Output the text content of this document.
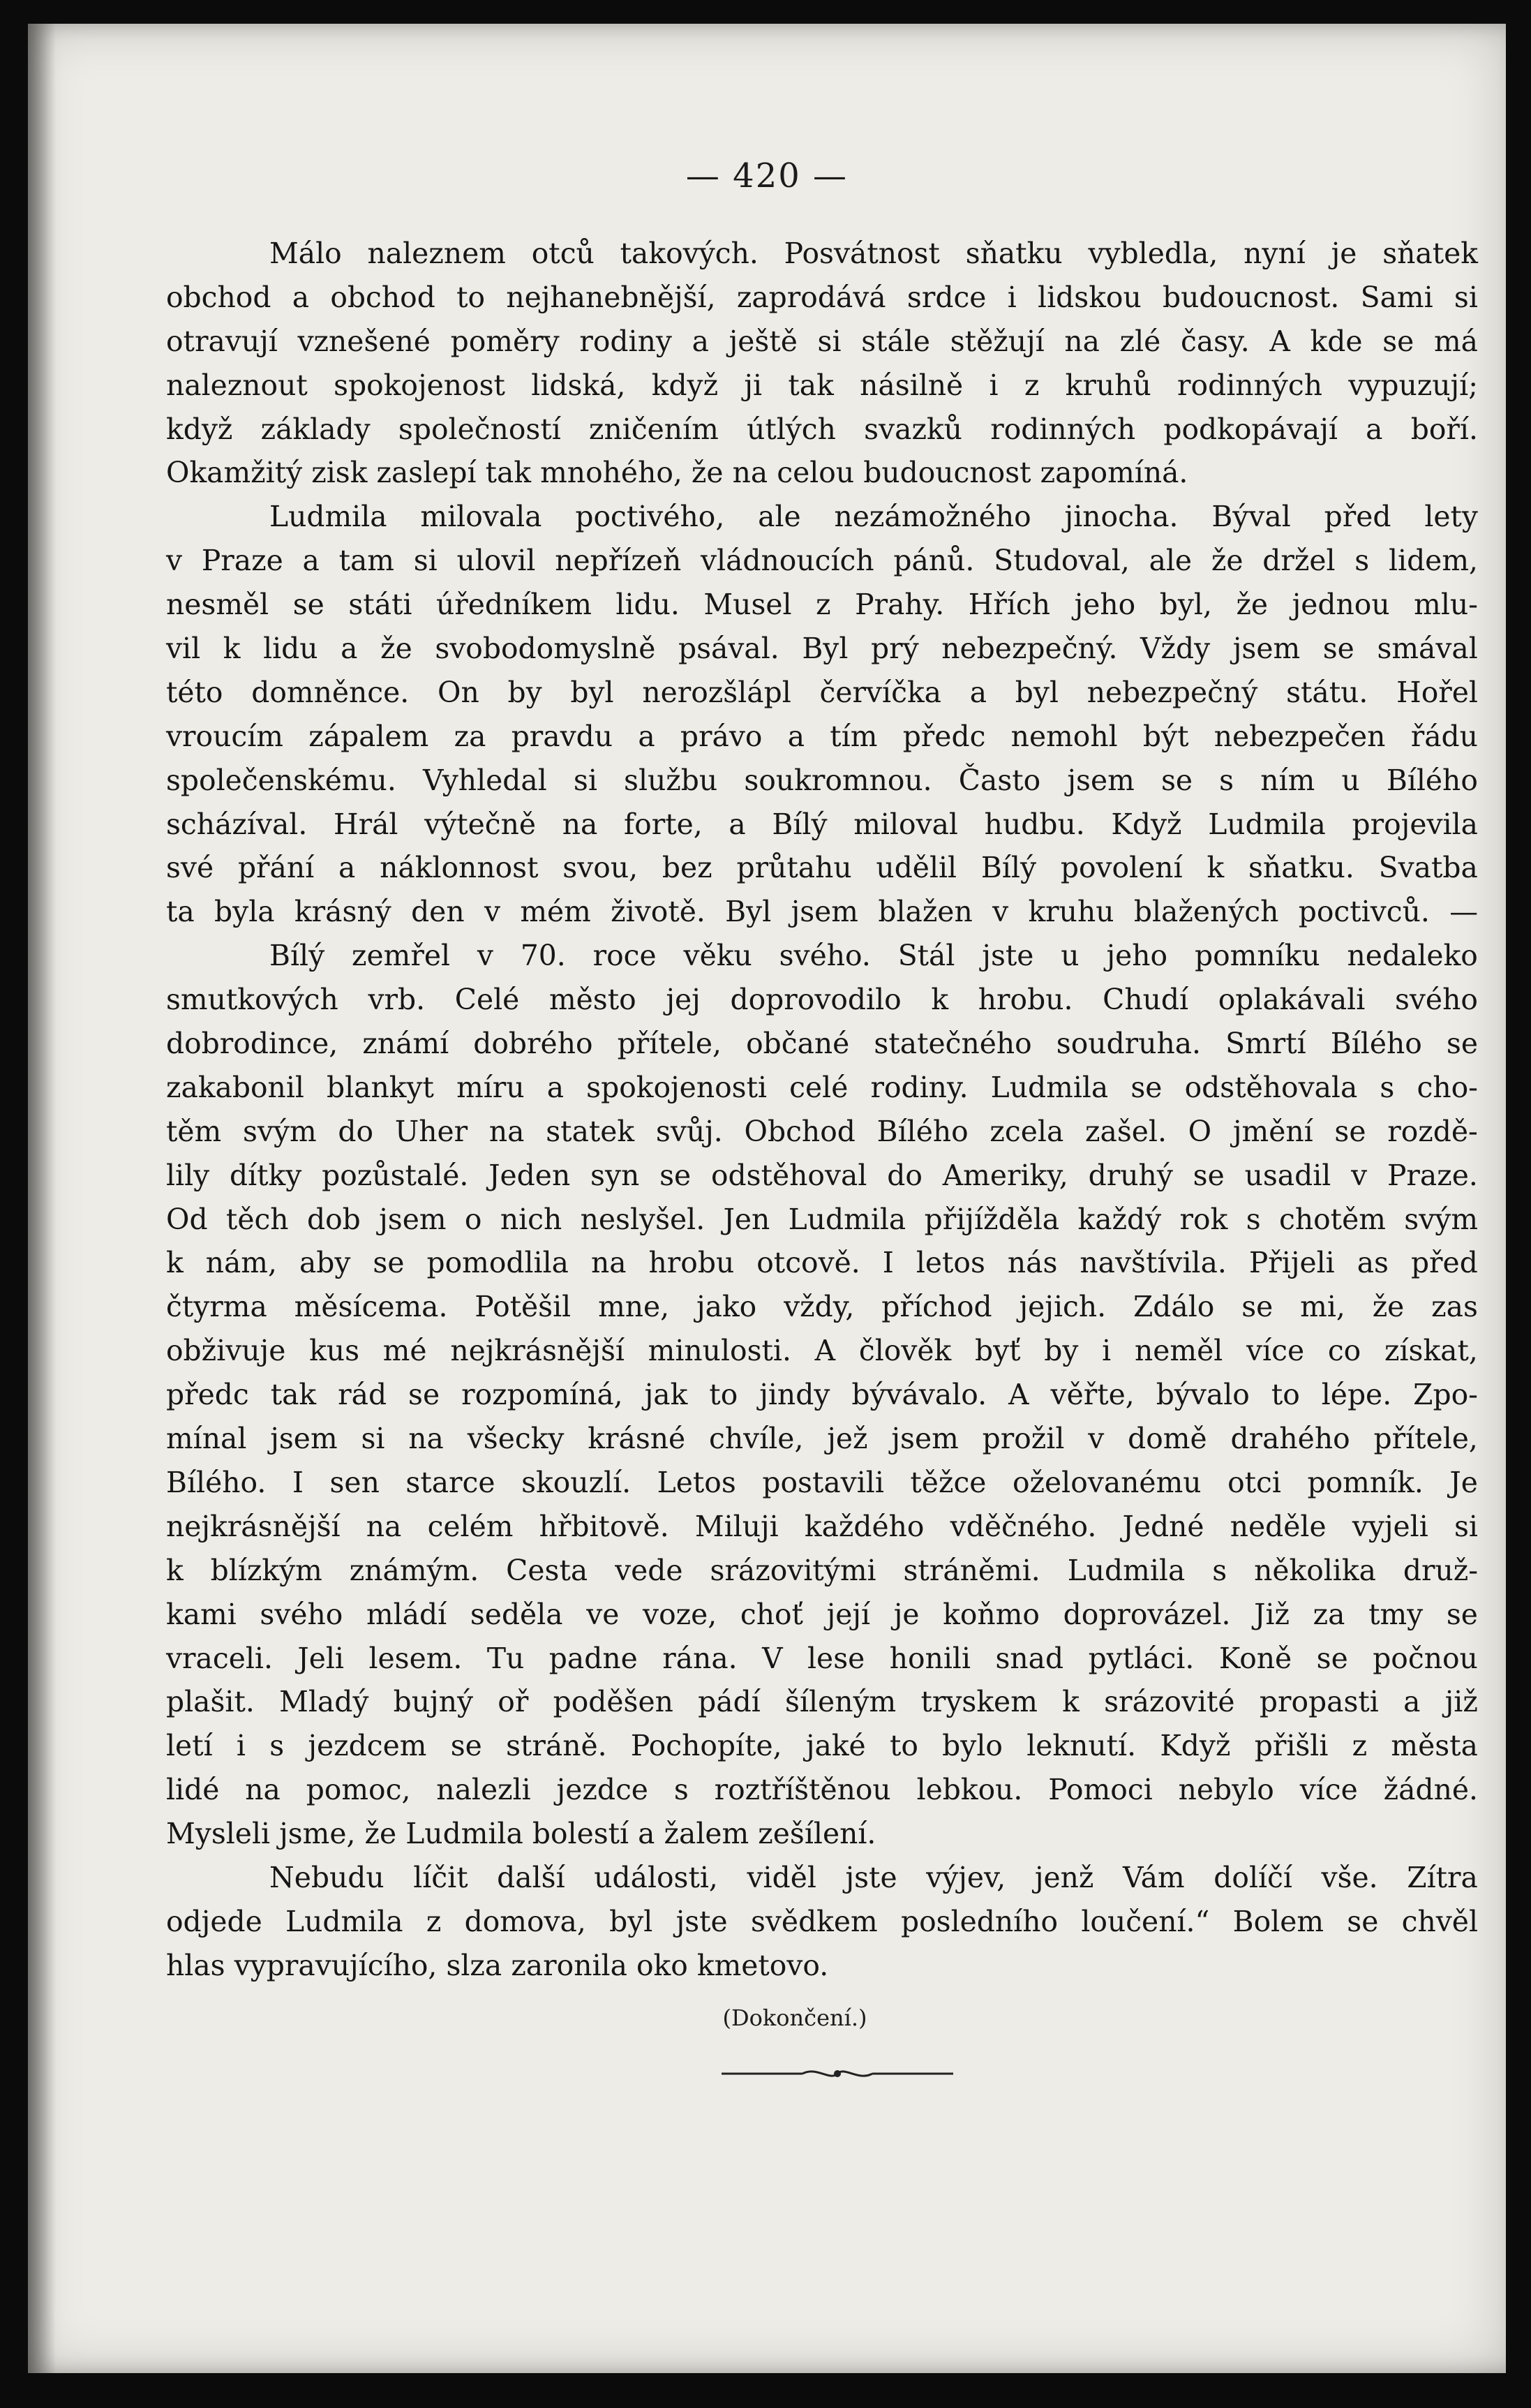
— 420 —
Málo naleznem otců takových. Posvátnost sňatku vybledla, nyní je sňatek
obchod a obchod to nejhanebnější, zaprodává srdce i lidskou budoucnost. Sami si
otravují vznešené poměry rodiny a ještě si stále stěžují na zlé časy. A kde se má
naleznout spokojenost lidská, když ji tak násilně i z kruhů rodinných vypuzují;
když základy společností zničením útlých svazků rodinných podkopávají a boří.
Okamžitý zisk zaslepí tak mnohého, že na celou budoucnost zapomíná.
Ludmila milovala poctivého, ale nezámožného jinocha. Býval před lety
v Praze a tam si ulovil nepřízeň vládnoucích pánů. Studoval, ale že držel s lidem,
nesměl se státi úředníkem lidu. Musel z Prahy. Hřích jeho byl, že jednou mlu-
vil k lidu a že svobodomyslně psával. Byl prý nebezpečný. Vždy jsem se smával
této domněnce. On by byl nerozšlápl červíčka a byl nebezpečný státu. Hořel
vroucím zápalem za pravdu a právo a tím předc nemohl být nebezpečen řádu
společenskému. Vyhledal si službu soukromnou. Často jsem se s ním u Bílého
scházíval. Hrál výtečně na forte, a Bílý miloval hudbu. Když Ludmila projevila
své přání a náklonnost svou, bez průtahu udělil Bílý povolení k sňatku. Svatba
ta byla krásný den v mém životě. Byl jsem blažen v kruhu blažených poctivců. —
Bílý zemřel v 70. roce věku svého. Stál jste u jeho pomníku nedaleko
smutkových vrb. Celé město jej doprovodilo k hrobu. Chudí oplakávali svého
dobrodince, známí dobrého přítele, občané statečného soudruha. Smrtí Bílého se
zakabonil blankyt míru a spokojenosti celé rodiny. Ludmila se odstěhovala s cho-
těm svým do Uher na statek svůj. Obchod Bílého zcela zašel. O jmění se rozdě-
lily dítky pozůstalé. Jeden syn se odstěhoval do Ameriky, druhý se usadil v Praze.
Od těch dob jsem o nich neslyšel. Jen Ludmila přijížděla každý rok s chotěm svým
k nám, aby se pomodlila na hrobu otcově. I letos nás navštívila. Přijeli as před
čtyrma měsícema. Potěšil mne, jako vždy, příchod jejich. Zdálo se mi, že zas
obživuje kus mé nejkrásnější minulosti. A člověk byť by i neměl více co získat,
předc tak rád se rozpomíná, jak to jindy bývávalo. A věřte, bývalo to lépe. Zpo-
mínal jsem si na všecky krásné chvíle, jež jsem prožil v domě drahého přítele,
Bílého. I sen starce skouzlí. Letos postavili těžce oželovanému otci pomník. Je
nejkrásnější na celém hřbitově. Miluji každého vděčného. Jedné neděle vyjeli si
k blízkým známým. Cesta vede srázovitými stráněmi. Ludmila s několika druž-
kami svého mládí seděla ve voze, choť její je koňmo doprovázel. Již za tmy se
vraceli. Jeli lesem. Tu padne rána. V lese honili snad pytláci. Koně se počnou
plašit. Mladý bujný oř poděšen pádí šíleným tryskem k srázovité propasti a již
letí i s jezdcem se stráně. Pochopíte, jaké to bylo leknutí. Když přišli z města
lidé na pomoc, nalezli jezdce s roztříštěnou lebkou. Pomoci nebylo více žádné.
Mysleli jsme, že Ludmila bolestí a žalem zešílení.
Nebudu líčit další události, viděl jste výjev, jenž Vám dolíčí vše. Zítra
odjede Ludmila z domova, byl jste svědkem posledního loučení.“ Bolem se chvěl
hlas vypravujícího, slza zaronila oko kmetovo.
(Dokončení.)
